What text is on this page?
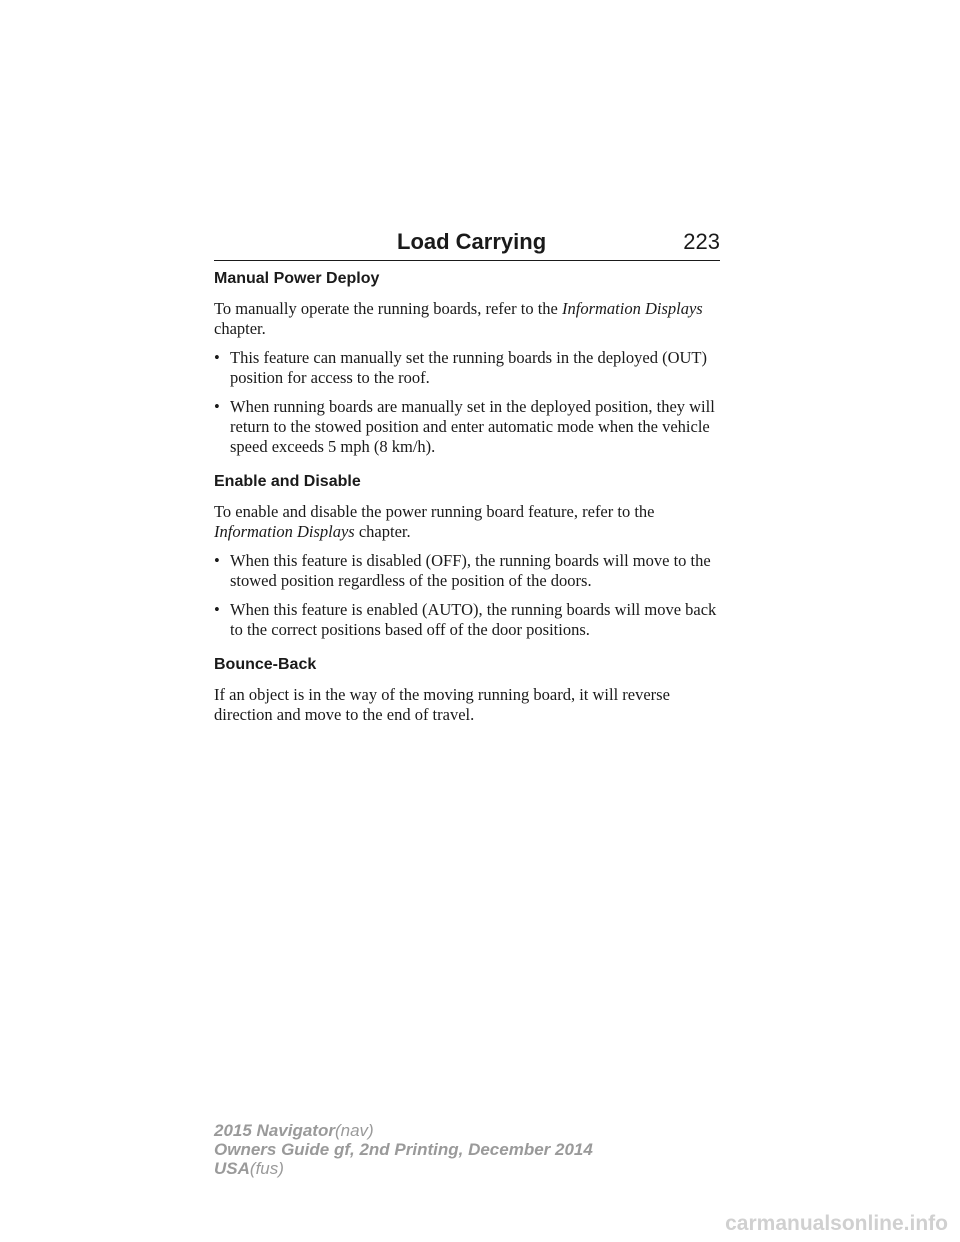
Load Carrying	223
Manual Power Deploy
To manually operate the running boards, refer to the Information Displays chapter.
• This feature can manually set the running boards in the deployed (OUT) position for access to the roof.
• When running boards are manually set in the deployed position, they will return to the stowed position and enter automatic mode when the vehicle speed exceeds 5 mph (8 km/h).
Enable and Disable
To enable and disable the power running board feature, refer to the Information Displays chapter.
• When this feature is disabled (OFF), the running boards will move to the stowed position regardless of the position of the doors.
• When this feature is enabled (AUTO), the running boards will move back to the correct positions based off of the door positions.
Bounce-Back
If an object is in the way of the moving running board, it will reverse direction and move to the end of travel.
2015 Navigator(nav)
Owners Guide gf, 2nd Printing, December 2014
USA(fus)
carmanualsonline.info
